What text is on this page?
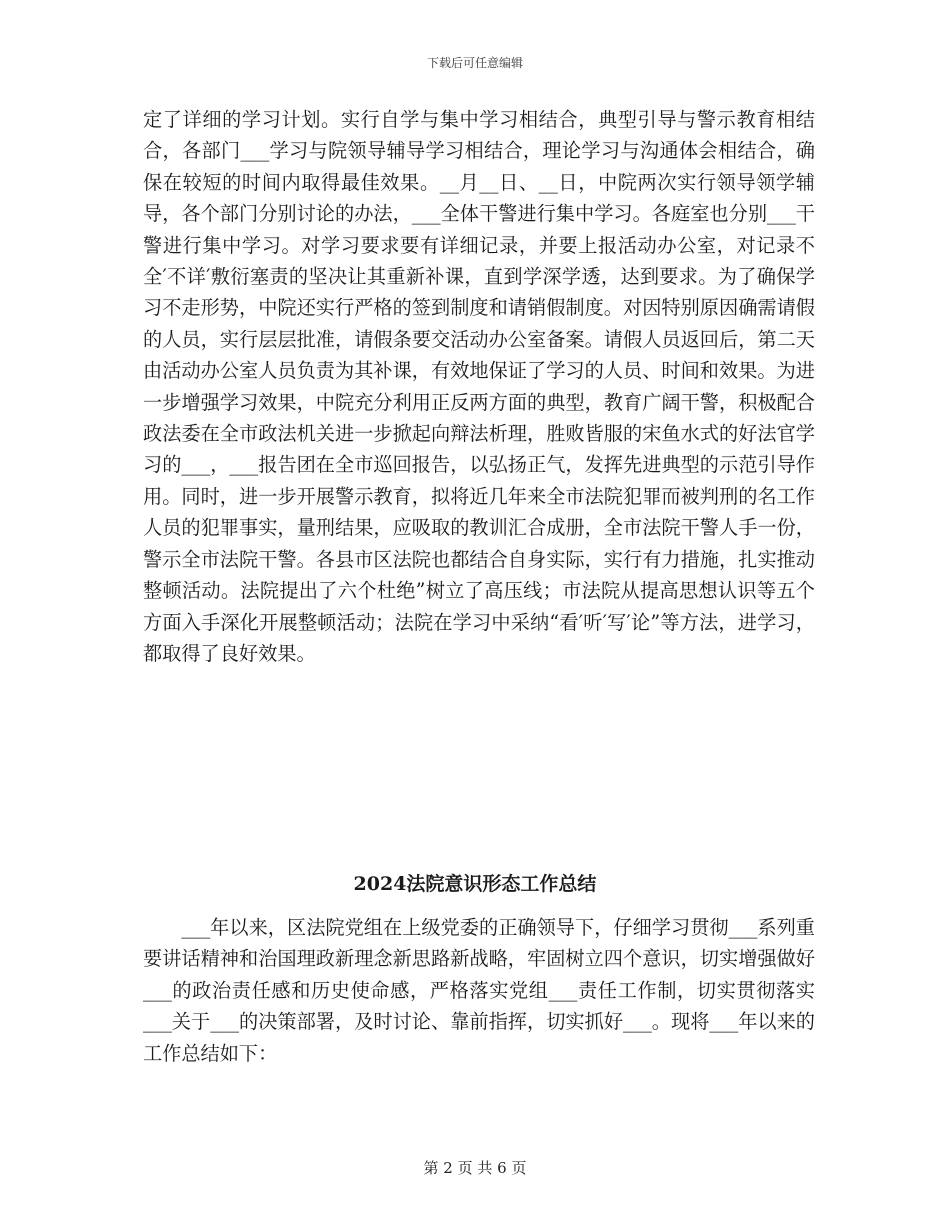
下载后可任意编辑

定了详细的学习计划。实行自学与集中学习相结合，典型引导与警示教育相结合，各部门___学习与院领导辅导学习相结合，理论学习与沟通体会相结合，确保在较短的时间内取得最佳效果。__月__日、__日，中院两次实行领导领学辅导，各个部门分别讨论的办法，___全体干警进行集中学习。各庭室也分别___干警进行集中学习。对学习要求要有详细记录，并要上报活动办公室，对记录不全′不详′敷衍塞责的坚决让其重新补课，直到学深学透，达到要求。为了确保学习不走形势，中院还实行严格的签到制度和请销假制度。对因特别原因确需请假的人员，实行层层批准，请假条要交活动办公室备案。请假人员返回后，第二天由活动办公室人员负责为其补课，有效地保证了学习的人员、时间和效果。为进一步增强学习效果，中院充分利用正反两方面的典型，教育广阔干警，积极配合政法委在全市政法机关进一步掀起向辩法析理，胜败皆服的宋鱼水式的好法官学习的___，___报告团在全市巡回报告，以弘扬正气，发挥先进典型的示范引导作用。同时，进一步开展警示教育，拟将近几年来全市法院犯罪而被判刑的名工作人员的犯罪事实，量刑结果，应吸取的教训汇合成册，全市法院干警人手一份，警示全市法院干警。各县市区法院也都结合自身实际，实行有力措施，扎实推动整顿活动。法院提出了六个杜绝”树立了高压线；市法院从提高思想认识等五个方面入手深化开展整顿活动；法院在学习中采纳“看′听′写′论”等方法，进学习，都取得了良好效果。

2024法院意识形态工作总结

___年以来，区法院党组在上级党委的正确领导下，仔细学习贯彻___系列重要讲话精神和治国理政新理念新思路新战略，牢固树立四个意识，切实增强做好___的政治责任感和历史使命感，严格落实党组___责任工作制，切实贯彻落实___关于___的决策部署，及时讨论、靠前指挥，切实抓好___。现将___年以来的工作总结如下：

第 2 页 共 6 页
